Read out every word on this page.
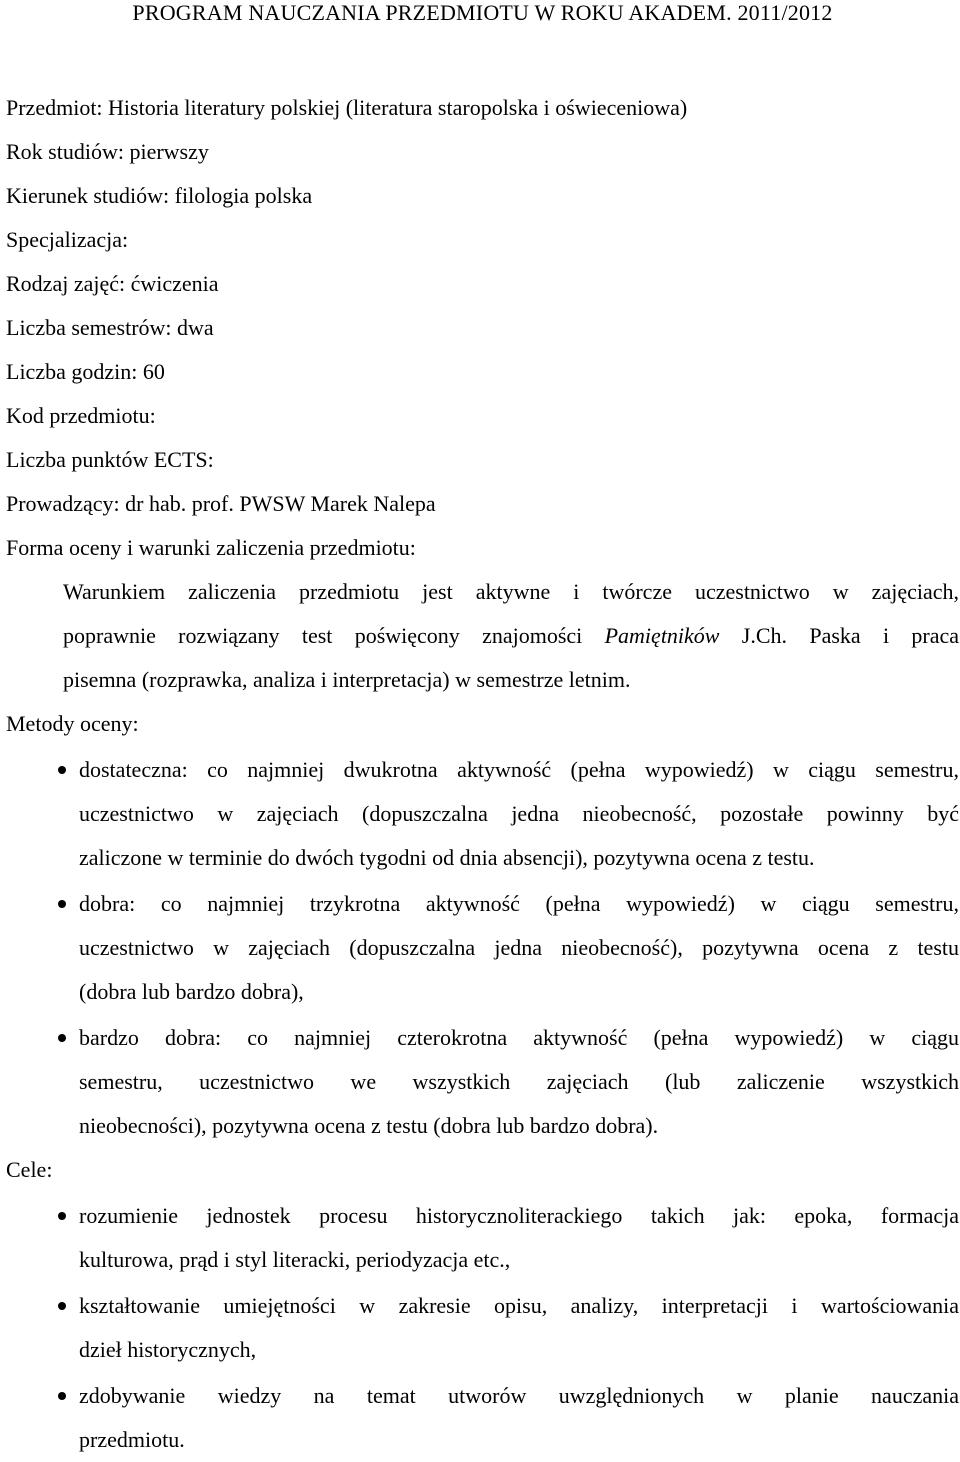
PROGRAM NAUCZANIA PRZEDMIOTU W ROKU AKADEM. 2011/2012
Przedmiot: Historia literatury polskiej (literatura staropolska i oświeceniowa)
Rok studiów: pierwszy
Kierunek studiów: filologia polska
Specjalizacja:
Rodzaj zajęć: ćwiczenia
Liczba semestrów: dwa
Liczba godzin: 60
Kod przedmiotu:
Liczba punktów ECTS:
Prowadzący: dr hab. prof. PWSW Marek Nalepa
Forma oceny i warunki zaliczenia przedmiotu:
Warunkiem zaliczenia przedmiotu jest aktywne i twórcze uczestnictwo w zajęciach,
poprawnie rozwiązany test poświęcony znajomości Pamiętników J.Ch. Paska i praca
pisemna (rozprawka, analiza i interpretacja) w semestrze letnim.
Metody oceny:
dostateczna: co najmniej dwukrotna aktywność (pełna wypowiedź) w ciągu semestru,
uczestnictwo w zajęciach (dopuszczalna jedna nieobecność, pozostałe powinny być
zaliczone w terminie do dwóch tygodni od dnia absencji), pozytywna ocena z testu.
dobra: co najmniej trzykrotna aktywność (pełna wypowiedź) w ciągu semestru,
uczestnictwo w zajęciach (dopuszczalna jedna nieobecność), pozytywna ocena z testu
(dobra lub bardzo dobra),
bardzo dobra: co najmniej czterokrotna aktywność (pełna wypowiedź) w ciągu
semestru, uczestnictwo we wszystkich zajęciach (lub zaliczenie wszystkich
nieobecności), pozytywna ocena z testu (dobra lub bardzo dobra).
Cele:
rozumienie jednostek procesu historycznoliterackiego takich jak: epoka, formacja
kulturowa, prąd i styl literacki, periodyzacja etc.,
kształtowanie umiejętności w zakresie opisu, analizy, interpretacji i wartościowania
dzieł historycznych,
zdobywanie wiedzy na temat utworów uwzględnionych w planie nauczania
przedmiotu.
